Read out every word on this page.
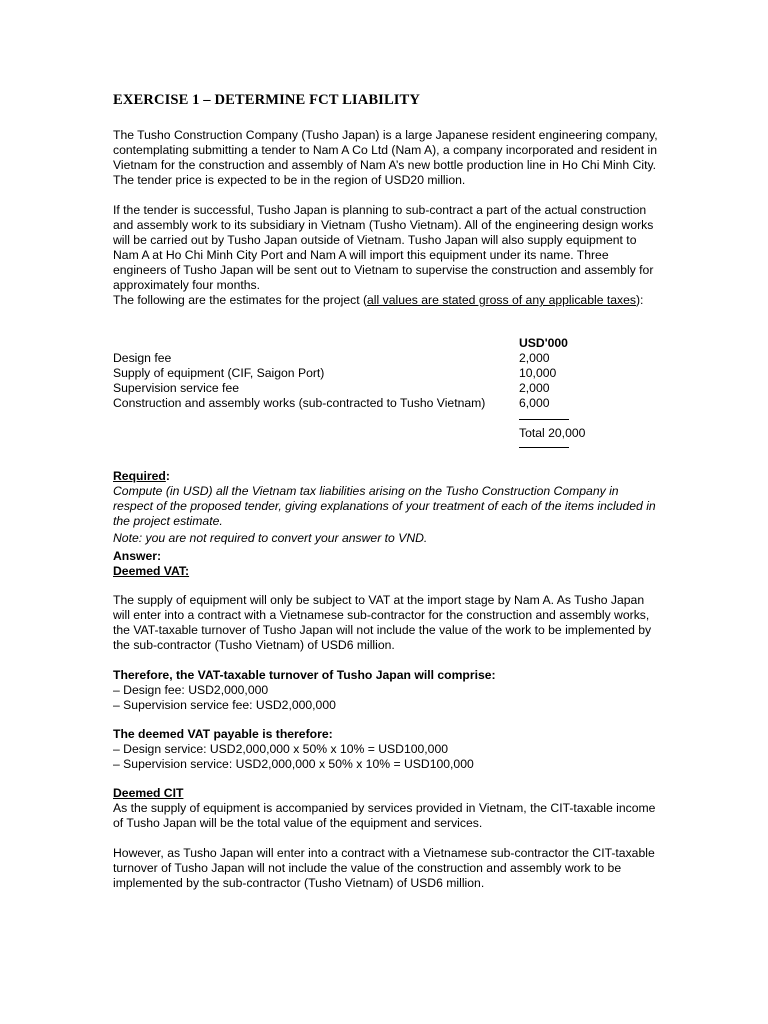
EXERCISE 1 – DETERMINE FCT LIABILITY

The Tusho Construction Company (Tusho Japan) is a large Japanese resident engineering company, contemplating submitting a tender to Nam A Co Ltd (Nam A), a company incorporated and resident in Vietnam for the construction and assembly of Nam A’s new bottle production line in Ho Chi Minh City. The tender price is expected to be in the region of USD20 million.

If the tender is successful, Tusho Japan is planning to sub-contract a part of the actual construction and assembly work to its subsidiary in Vietnam (Tusho Vietnam). All of the engineering design works will be carried out by Tusho Japan outside of Vietnam. Tusho Japan will also supply equipment to Nam A at Ho Chi Minh City Port and Nam A will import this equipment under its name. Three engineers of Tusho Japan will be sent out to Vietnam to supervise the construction and assembly for approximately four months.

The following are the estimates for the project (all values are stated gross of any applicable taxes):

USD'000
Design fee	2,000
Supply of equipment (CIF, Saigon Port)	10,000
Supervision service fee	2,000
Construction and assembly works (sub-contracted to Tusho Vietnam)	6,000
Total 20,000

Required:

Compute (in USD) all the Vietnam tax liabilities arising on the Tusho Construction Company in respect of the proposed tender, giving explanations of your treatment of each of the items included in the project estimate.

Note: you are not required to convert your answer to VND.

Answer:

Deemed VAT:

The supply of equipment will only be subject to VAT at the import stage by Nam A. As Tusho Japan will enter into a contract with a Vietnamese sub-contractor for the construction and assembly works, the VAT-taxable turnover of Tusho Japan will not include the value of the work to be implemented by the sub-contractor (Tusho Vietnam) of USD6 million.

Therefore, the VAT-taxable turnover of Tusho Japan will comprise:

– Design fee: USD2,000,000

– Supervision service fee: USD2,000,000

The deemed VAT payable is therefore:

– Design service: USD2,000,000 x 50% x 10% = USD100,000

– Supervision service: USD2,000,000 x 50% x 10% = USD100,000

Deemed CIT

As the supply of equipment is accompanied by services provided in Vietnam, the CIT-taxable income of Tusho Japan will be the total value of the equipment and services.

However, as Tusho Japan will enter into a contract with a Vietnamese sub-contractor the CIT-taxable turnover of Tusho Japan will not include the value of the construction and assembly work to be implemented by the sub-contractor (Tusho Vietnam) of USD6 million.
